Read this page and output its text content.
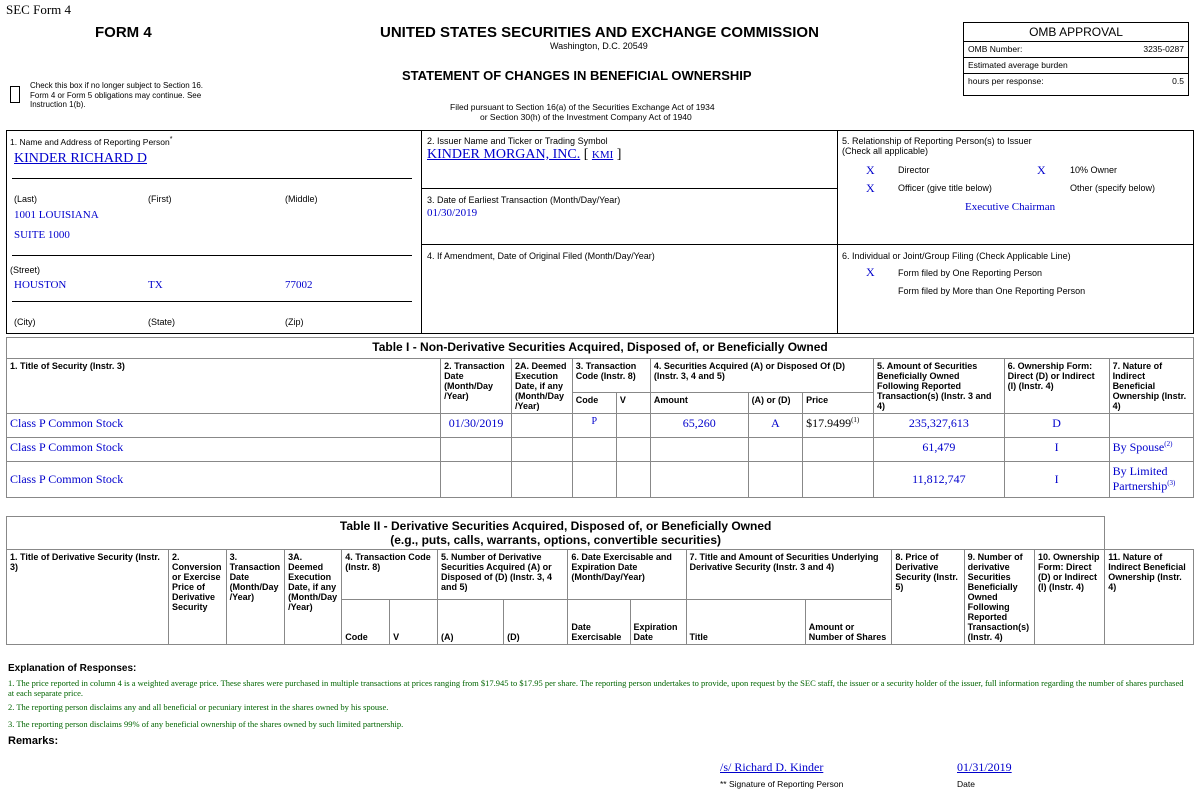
SEC Form 4
FORM 4	UNITED STATES SECURITIES AND EXCHANGE COMMISSION
Washington, D.C. 20549
STATEMENT OF CHANGES IN BENEFICIAL OWNERSHIP
Filed pursuant to Section 16(a) of the Securities Exchange Act of 1934
or Section 30(h) of the Investment Company Act of 1940
Check this box if no longer subject to Section 16.
Form 4 or Form 5 obligations may continue. See
Instruction 1(b).
OMB APPROVAL
OMB Number:	3235-0287
Estimated average burden
hours per response:	0.5
1. Name and Address of Reporting Person*
KINDER RICHARD D
(Last)	(First)	(Middle)
1001 LOUISIANA
SUITE 1000
(Street)
HOUSTON	TX	77002
(City)	(State)	(Zip)
2. Issuer Name and Ticker or Trading Symbol
KINDER MORGAN, INC. [ KMI ]
3. Date of Earliest Transaction (Month/Day/Year)
01/30/2019
4. If Amendment, Date of Original Filed (Month/Day/Year)
5. Relationship of Reporting Person(s) to Issuer
(Check all applicable)
X	Director	X	10% Owner
X	Officer (give title below)	Other (specify below)
Executive Chairman
6. Individual or Joint/Group Filing (Check Applicable Line)
X	Form filed by One Reporting Person
Form filed by More than One Reporting Person
Table I - Non-Derivative Securities Acquired, Disposed of, or Beneficially Owned										
1. Title of Security (Instr. 3)	2. Transaction Date (Month/Day /Year)	2A. Deemed Execution Date, if any (Month/Day /Year)	3. Transaction Code (Instr. 8)		4. Securities Acquired (A) or Disposed Of (D) (Instr. 3, 4 and 5)			5. Amount of Securities Beneficially Owned Following Reported Transaction(s) (Instr. 3 and 4)	6. Ownership Form: Direct (D) or Indirect (I) (Instr. 4)	7. Nature of Indirect Beneficial Ownership (Instr. 4)
			Code	V	Amount	(A) or (D)	Price			
Class P Common Stock	01/30/2019		P		65,260	A	$17.9499$^{(1)}$	235,327,613	D	
Class P Common Stock								61,479	I	By Spouse$^{(2)}$
Class P Common Stock								11,812,747	I	By Limited Partnership$^{(3)}$
Table II - Derivative Securities Acquired, Disposed of, or Beneficially Owned
(e.g., puts, calls, warrants, options, convertible securities)															

1. Title of Derivative Security (Instr. 3)	2. Conversion or Exercise Price of Derivative Security	3. Transaction Date (Month/Day /Year)	3A. Deemed Execution Date, if any (Month/Day /Year)	4. Transaction Code (Instr. 8)		5. Number of Derivative Securities Acquired (A) or Disposed of (D) (Instr. 3, 4 and 5)		6. Date Exercisable and Expiration Date (Month/Day/Year)		7. Title and Amount of Securities Underlying Derivative Security (Instr. 3 and 4)		8. Price of Derivative Security (Instr. 5)	9. Number of derivative Securities Beneficially Owned Following Reported Transaction(s) (Instr. 4)	10. Ownership Form: Direct (D) or Indirect (I) (Instr. 4)	11. Nature of Indirect Beneficial Ownership (Instr. 4)
				Code	V	(A)	(D)	Date Exercisable	Expiration Date	Title	Amount or Number of Shares				
Explanation of Responses:
1. The price reported in column 4 is a weighted average price. These shares were purchased in multiple transactions at prices ranging from $17.945 to $17.95 per share. The reporting person undertakes to provide, upon request by the SEC staff, the issuer or a security holder of the issuer, full information regarding the number of shares purchased at each separate price.
2. The reporting person disclaims any and all beneficial or pecuniary interest in the shares owned by his spouse.
3. The reporting person disclaims 99% of any beneficial ownership of the shares owned by such limited partnership.
Remarks:
/s/ Richard D. Kinder
** Signature of Reporting Person
01/31/2019
Date
